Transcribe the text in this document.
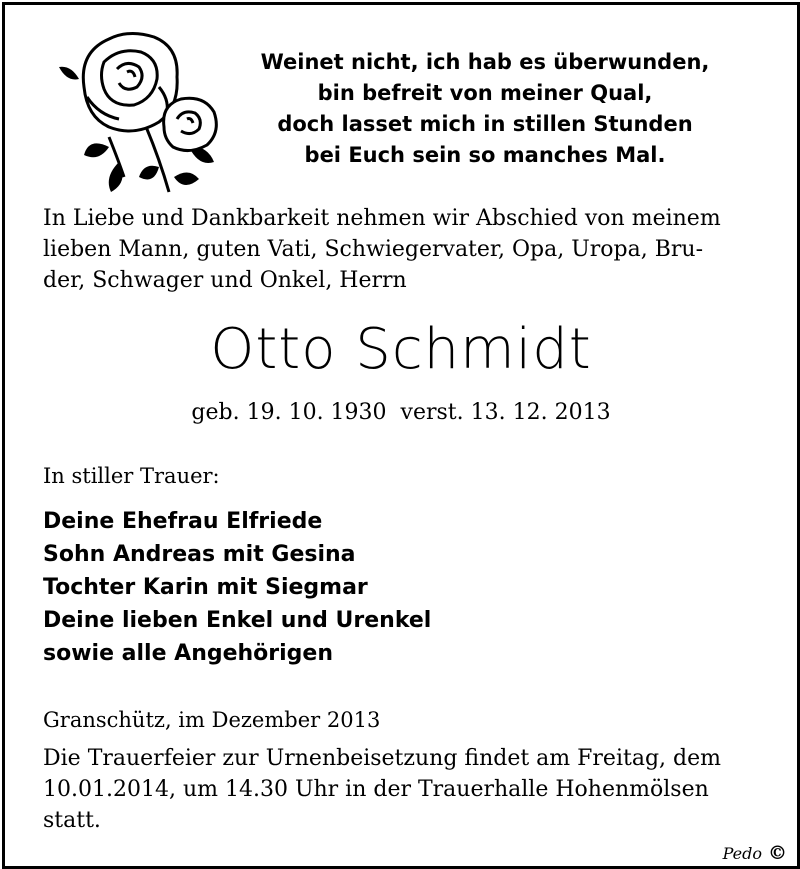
Weinet nicht, ich hab es überwunden,
bin befreit von meiner Qual,
doch lasset mich in stillen Stunden
bei Euch sein so manches Mal.
In Liebe und Dankbarkeit nehmen wir Abschied von meinem
lieben Mann, guten Vati, Schwiegervater, Opa, Uropa, Bru-
der, Schwager und Onkel, Herrn
Otto Schmidt
geb. 19. 10. 1930  verst. 13. 12. 2013
In stiller Trauer:
Deine Ehefrau Elfriede
Sohn Andreas mit Gesina
Tochter Karin mit Siegmar
Deine lieben Enkel und Urenkel
sowie alle Angehörigen
Granschütz, im Dezember 2013
Die Trauerfeier zur Urnenbeisetzung findet am Freitag, dem
10.01.2014, um 14.30 Uhr in der Trauerhalle Hohenmölsen
statt.
Pedo ©
